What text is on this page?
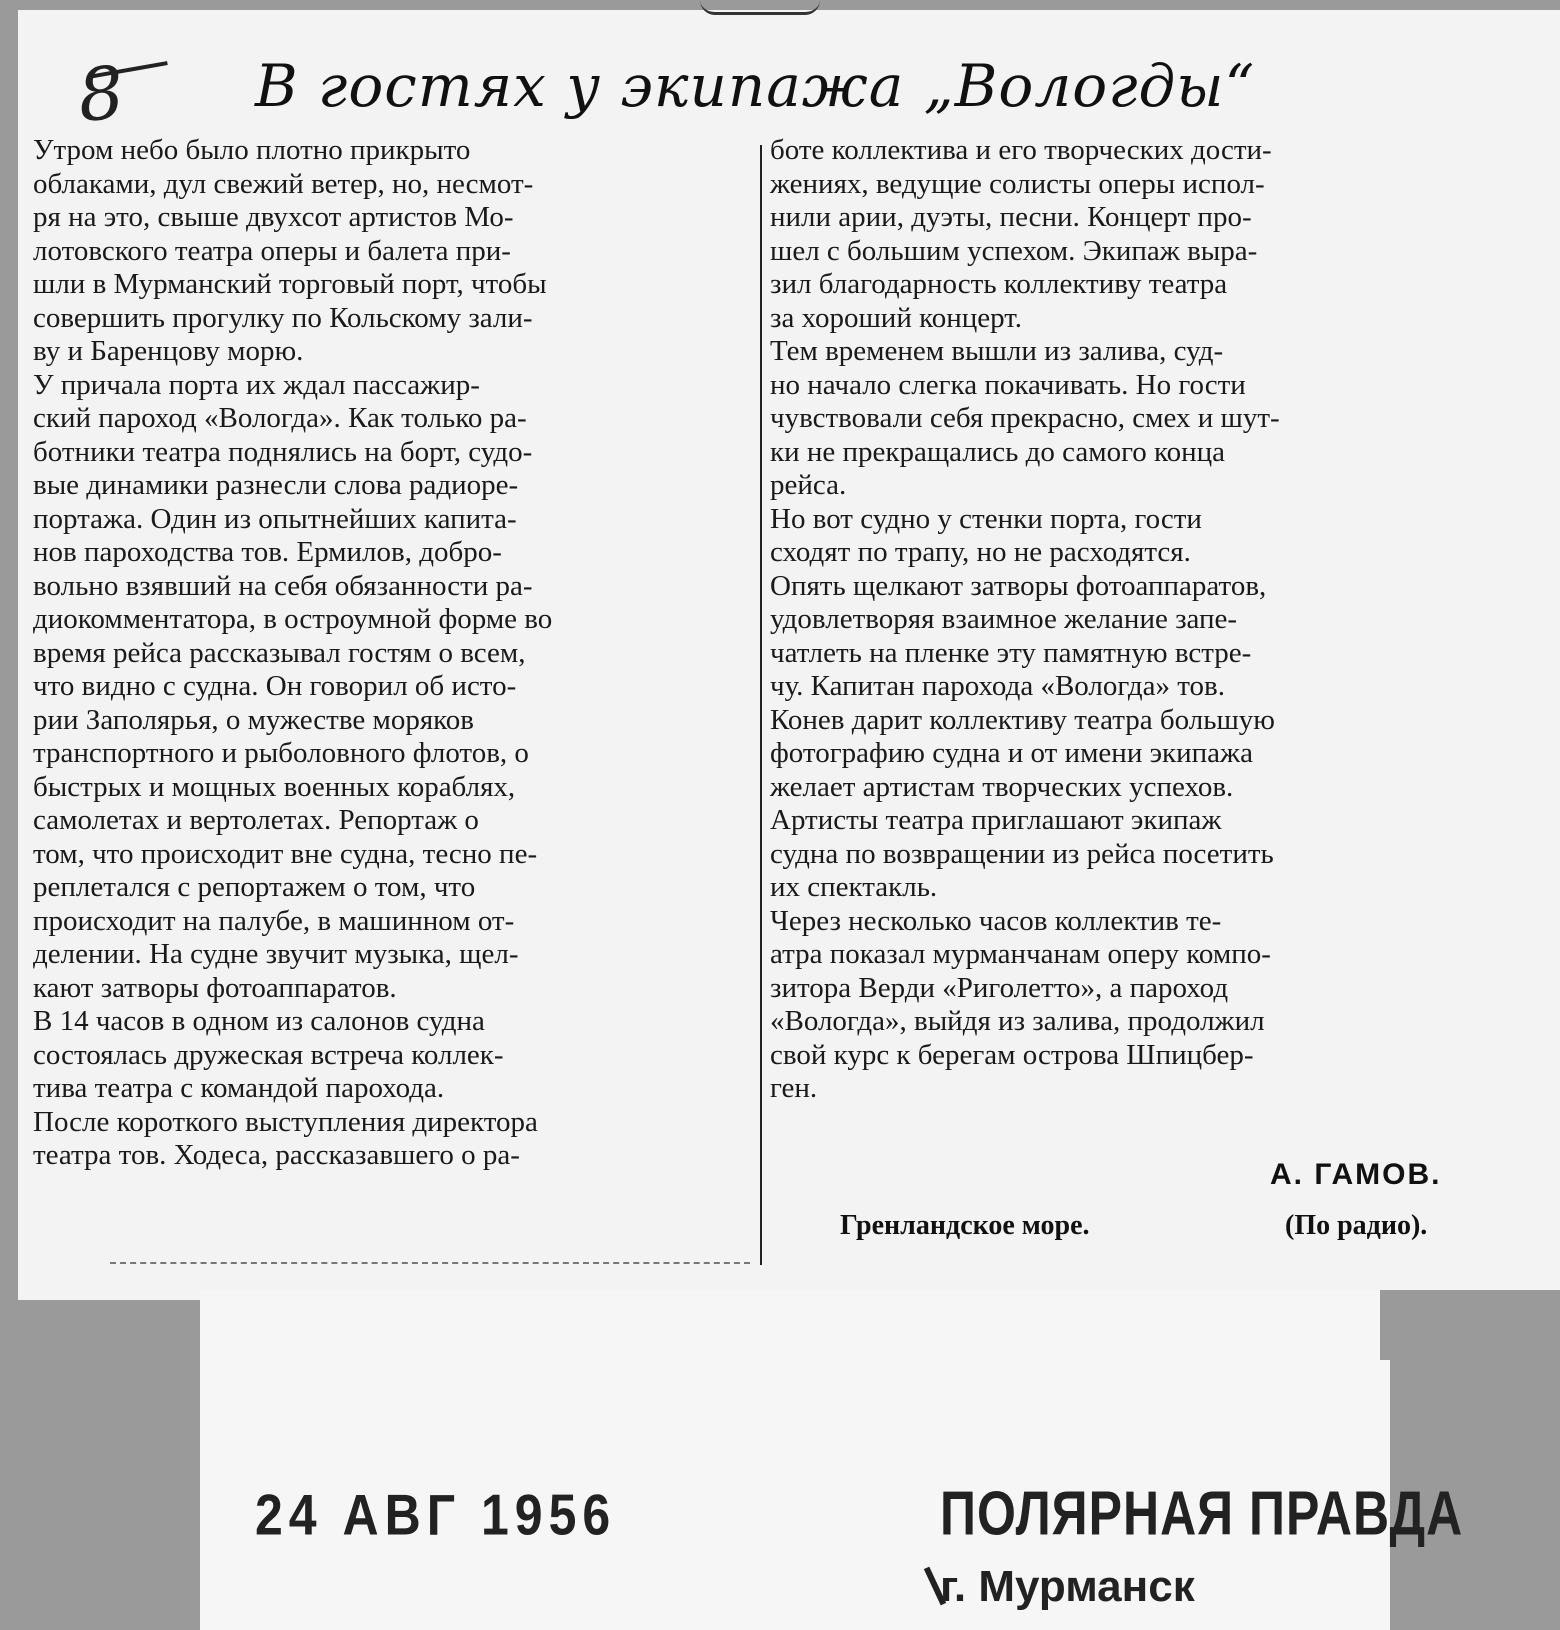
8 В гостях у экипажа „Вологды“
Утром небо было плотно прикрыто
облаками, дул свежий ветер, но, несмот-
ря на это, свыше двухсот артистов Мо-
лотовского театра оперы и балета при-
шли в Мурманский торговый порт, чтобы
совершить прогулку по Кольскому зали-
ву и Баренцову морю.
У причала порта их ждал пассажир-
ский пароход «Вологда». Как только ра-
ботники театра поднялись на борт, судо-
вые динамики разнесли слова радиоре-
портажа. Один из опытнейших капита-
нов пароходства тов. Ермилов, добро-
вольно взявший на себя обязанности ра-
диокомментатора, в остроумной форме во
время рейса рассказывал гостям о всем,
что видно с судна. Он говорил об исто-
рии Заполярья, о мужестве моряков
транспортного и рыболовного флотов, о
быстрых и мощных военных кораблях,
самолетах и вертолетах. Репортаж о
том, что происходит вне судна, тесно пе-
реплетался с репортажем о том, что
происходит на палубе, в машинном от-
делении. На судне звучит музыка, щел-
кают затворы фотоаппаратов.
В 14 часов в одном из салонов судна
состоялась дружеская встреча коллек-
тива театра с командой парохода.
После короткого выступления директора
театра тов. Ходеса, рассказавшего о ра-
боте коллектива и его творческих дости-
жениях, ведущие солисты оперы испол-
нили арии, дуэты, песни. Концерт про-
шел с большим успехом. Экипаж выра-
зил благодарность коллективу театра
за хороший концерт.
Тем временем вышли из залива, суд-
но начало слегка покачивать. Но гости
чувствовали себя прекрасно, смех и шут-
ки не прекращались до самого конца
рейса.
Но вот судно у стенки порта, гости
сходят по трапу, но не расходятся.
Опять щелкают затворы фотоаппаратов,
удовлетворяя взаимное желание запе-
чатлеть на пленке эту памятную встре-
чу. Капитан парохода «Вологда» тов.
Конев дарит коллективу театра большую
фотографию судна и от имени экипажа
желает артистам творческих успехов.
Артисты театра приглашают экипаж
судна по возвращении из рейса посетить
их спектакль.
Через несколько часов коллектив те-
атра показал мурманчанам оперу компо-
зитора Верди «Риголетто», а пароход
«Вологда», выйдя из залива, продолжил
свой курс к берегам острова Шпицбер-
ген.
А. ГАМОВ.
Гренландское море.	(По радио).
24 АВГ 1956	ПОЛЯРНАЯ ПРАВДА
г. Мурманск
